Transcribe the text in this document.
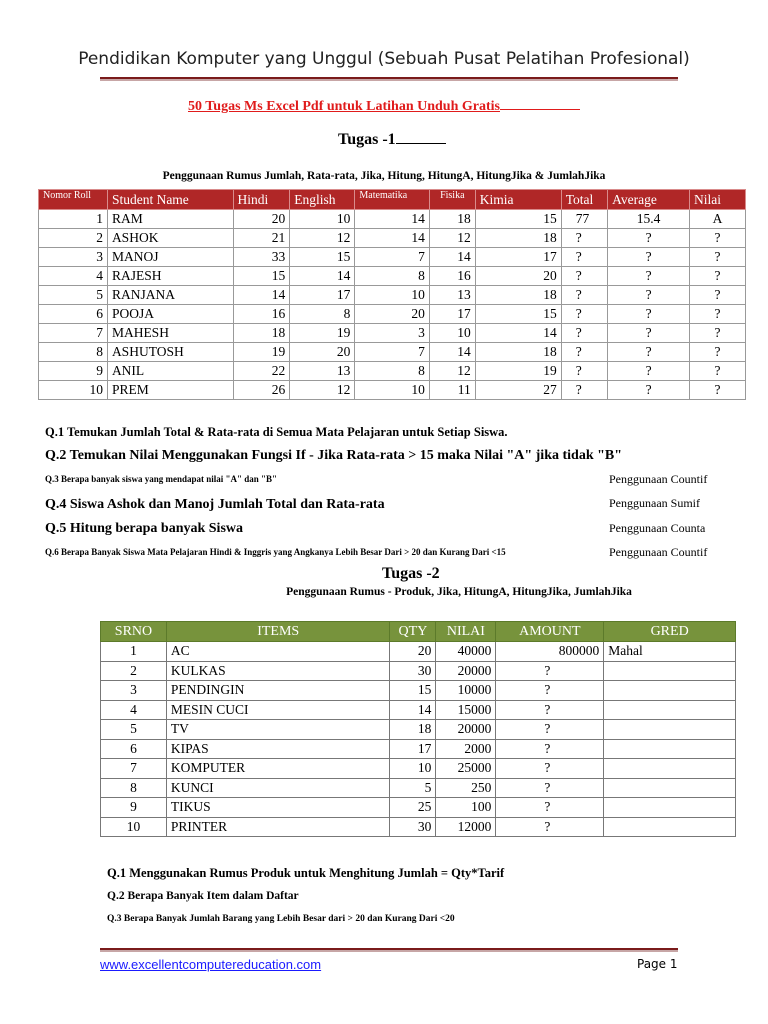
Pendidikan Komputer yang Unggul (Sebuah Pusat Pelatihan Profesional)
50 Tugas Ms Excel Pdf untuk Latihan Unduh Gratis
Tugas -1
Penggunaan Rumus Jumlah, Rata-rata, Jika, Hitung, HitungA, HitungJika & JumlahJika
Nomor Roll	Student Name	Hindi	English	Matematika	Fisika	Kimia	Total	Average	Nilai
1	RAM	20	10	14	18	15	77	15.4	A
2	ASHOK	21	12	14	12	18	?	?	?
3	MANOJ	33	15	7	14	17	?	?	?
4	RAJESH	15	14	8	16	20	?	?	?
5	RANJANA	14	17	10	13	18	?	?	?
6	POOJA	16	8	20	17	15	?	?	?
7	MAHESH	18	19	3	10	14	?	?	?
8	ASHUTOSH	19	20	7	14	18	?	?	?
9	ANIL	22	13	8	12	19	?	?	?
10	PREM	26	12	10	11	27	?	?	?
Q.1 Temukan Jumlah Total & Rata-rata di Semua Mata Pelajaran untuk Setiap Siswa.
Q.2 Temukan Nilai Menggunakan Fungsi If - Jika Rata-rata > 15 maka Nilai "A" jika tidak "B"
Q.3 Berapa banyak siswa yang mendapat nilai "A" dan "B"	Penggunaan Countif
Q.4 Siswa Ashok dan Manoj Jumlah Total dan Rata-rata	Penggunaan Sumif
Q.5 Hitung berapa banyak Siswa	Penggunaan Counta
Q.6 Berapa Banyak Siswa Mata Pelajaran Hindi & Inggris yang Angkanya Lebih Besar Dari > 20 dan Kurang Dari <15	Penggunaan Countif
Tugas -2
Penggunaan Rumus - Produk, Jika, HitungA, HitungJika, JumlahJika
SRNO	ITEMS	QTY	NILAI	AMOUNT	GRED
1	AC	20	40000	800000	Mahal
2	KULKAS	30	20000	?	
3	PENDINGIN	15	10000	?	
4	MESIN CUCI	14	15000	?	
5	TV	18	20000	?	
6	KIPAS	17	2000	?	
7	KOMPUTER	10	25000	?	
8	KUNCI	5	250	?	
9	TIKUS	25	100	?	
10	PRINTER	30	12000	?	
Q.1 Menggunakan Rumus Produk untuk Menghitung Jumlah = Qty*Tarif
Q.2 Berapa Banyak Item dalam Daftar
Q.3 Berapa Banyak Jumlah Barang yang Lebih Besar dari > 20 dan Kurang Dari <20
www.excellentcomputereducation.com	Page 1
